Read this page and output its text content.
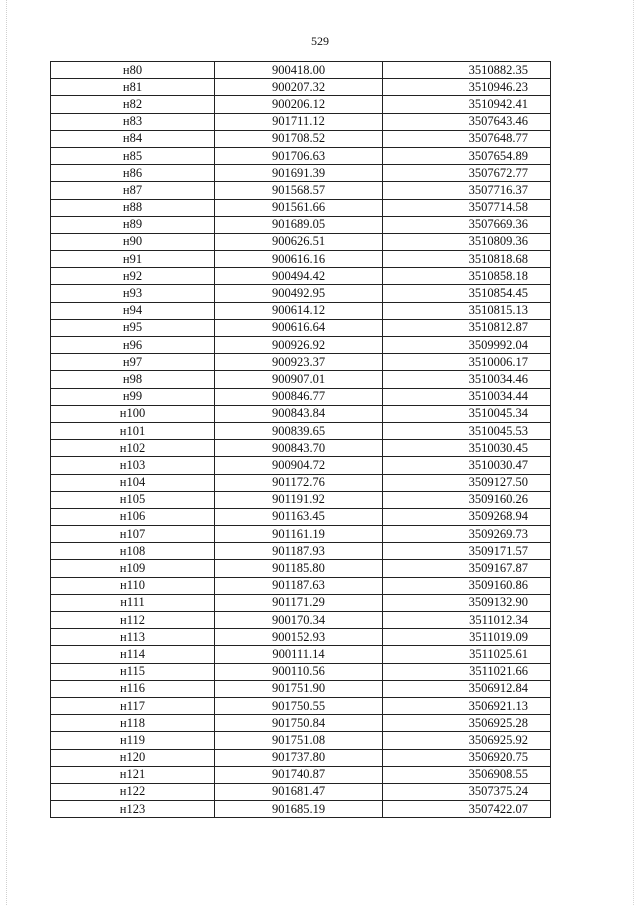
529
н80	900418.00	3510882.35
н81	900207.32	3510946.23
н82	900206.12	3510942.41
н83	901711.12	3507643.46
н84	901708.52	3507648.77
н85	901706.63	3507654.89
н86	901691.39	3507672.77
н87	901568.57	3507716.37
н88	901561.66	3507714.58
н89	901689.05	3507669.36
н90	900626.51	3510809.36
н91	900616.16	3510818.68
н92	900494.42	3510858.18
н93	900492.95	3510854.45
н94	900614.12	3510815.13
н95	900616.64	3510812.87
н96	900926.92	3509992.04
н97	900923.37	3510006.17
н98	900907.01	3510034.46
н99	900846.77	3510034.44
н100	900843.84	3510045.34
н101	900839.65	3510045.53
н102	900843.70	3510030.45
н103	900904.72	3510030.47
н104	901172.76	3509127.50
н105	901191.92	3509160.26
н106	901163.45	3509268.94
н107	901161.19	3509269.73
н108	901187.93	3509171.57
н109	901185.80	3509167.87
н110	901187.63	3509160.86
н111	901171.29	3509132.90
н112	900170.34	3511012.34
н113	900152.93	3511019.09
н114	900111.14	3511025.61
н115	900110.56	3511021.66
н116	901751.90	3506912.84
н117	901750.55	3506921.13
н118	901750.84	3506925.28
н119	901751.08	3506925.92
н120	901737.80	3506920.75
н121	901740.87	3506908.55
н122	901681.47	3507375.24
н123	901685.19	3507422.07
